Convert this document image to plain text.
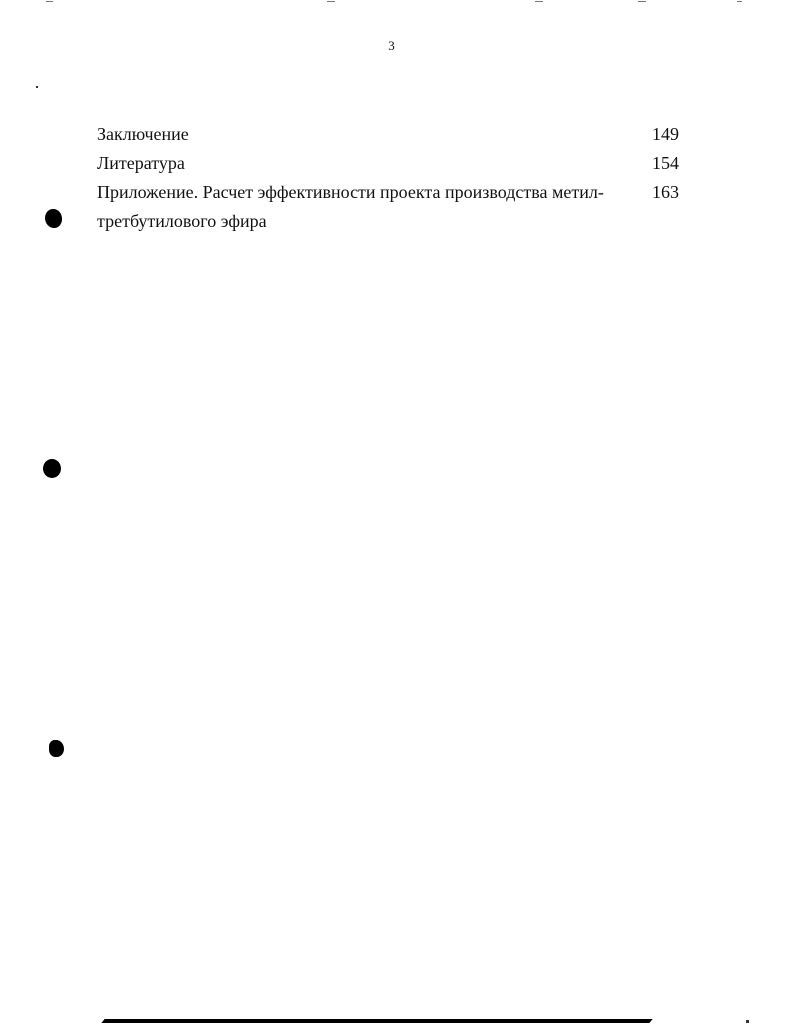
3
Заключение	149
Литература	154
Приложение. Расчет эффективности проекта производства метил-третбутилового эфира
163
